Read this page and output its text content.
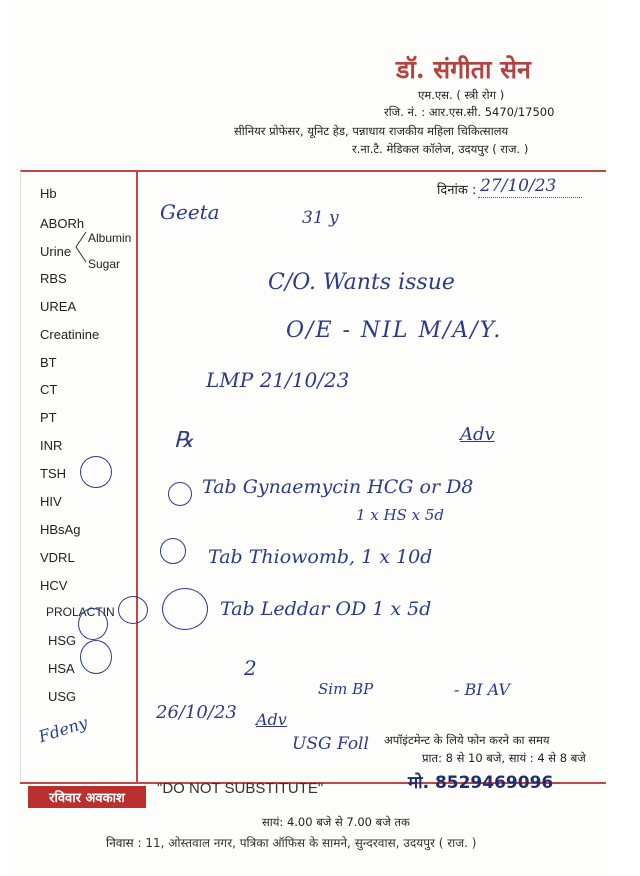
डॉ. संगीता सेन
एम.एस. ( स्त्री रोग )
रजि. नं. : आर.एस.सी. 5470/17500
सीनियर प्रोफेसर, यूनिट हेड, पन्नाधाय राजकीय महिला चिकित्सालय
र.ना.टै. मेडिकल कॉलेज, उदयपुर ( राज. )
दिनांक : 27/10/23
Hb
ABORh
Urine
Albumin
Sugar
RBS
UREA
Creatinine
BT
CT
PT
INR
TSH
HIV
HBsAg
VDRL
HCV
PROLACTIN
HSG
HSA
USG
Fdeny
Geeta	31 y
C/O. Wants issue
O/E - NIL M/A/Y.
LMP 21/10/23
℞	Adv
Tab Gynaemycin HCG or D8
1 x HS x 5d
Tab Thiowomb, 1 x 10d
Tab Leddar OD 1 x 5d
2
26/10/23
Sim BP	- BI AV
Adv
USG Foll अपॉइंटमेन्ट के लिये फोन करने का समय
प्रात: 8 से 10 बजे, सायं : 4 से 8 बजे
मो. 8529469096
रविवार अवकाश
"DO NOT SUBSTITUTE"
सायं: 4.00 बजे से 7.00 बजे तक
निवास : 11, ओस्तवाल नगर, पत्रिका ऑफिस के सामने, सुन्दरवास, उदयपुर ( राज. )
